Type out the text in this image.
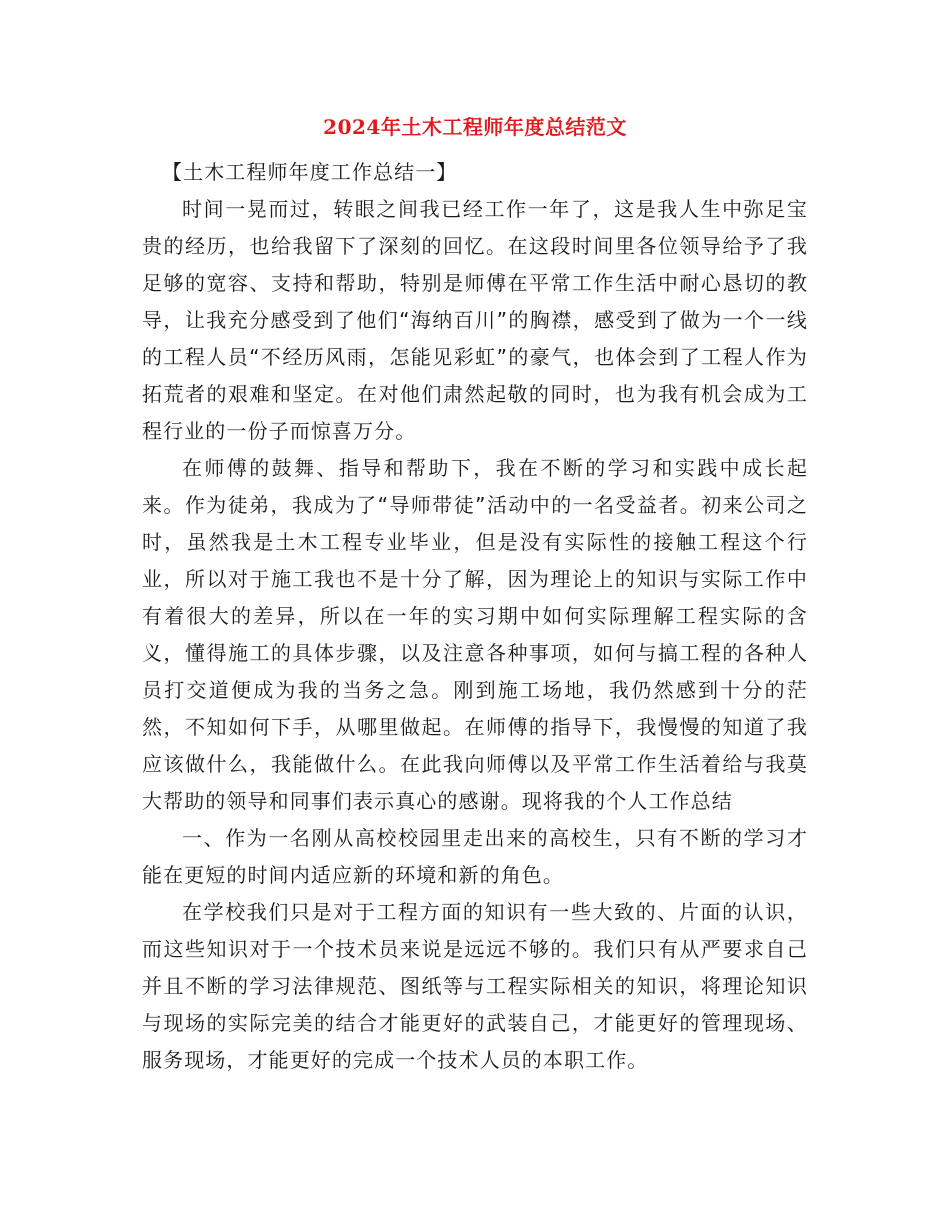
2024年土木工程师年度总结范文

【土木工程师年度工作总结一】

时间一晃而过，转眼之间我已经工作一年了，这是我人生中弥足宝贵的经历，也给我留下了深刻的回忆。在这段时间里各位领导给予了我足够的宽容、支持和帮助，特别是师傅在平常工作生活中耐心恳切的教导，让我充分感受到了他们“海纳百川”的胸襟，感受到了做为一个一线的工程人员“不经历风雨，怎能见彩虹”的豪气，也体会到了工程人作为拓荒者的艰难和坚定。在对他们肃然起敬的同时，也为我有机会成为工程行业的一份子而惊喜万分。

在师傅的鼓舞、指导和帮助下，我在不断的学习和实践中成长起来。作为徒弟，我成为了“导师带徒”活动中的一名受益者。初来公司之时，虽然我是土木工程专业毕业，但是没有实际性的接触工程这个行业，所以对于施工我也不是十分了解，因为理论上的知识与实际工作中有着很大的差异，所以在一年的实习期中如何实际理解工程实际的含义，懂得施工的具体步骤，以及注意各种事项，如何与搞工程的各种人员打交道便成为我的当务之急。刚到施工场地，我仍然感到十分的茫然，不知如何下手，从哪里做起。在师傅的指导下，我慢慢的知道了我应该做什么，我能做什么。在此我向师傅以及平常工作生活着给与我莫大帮助的领导和同事们表示真心的感谢。现将我的个人工作总结

一、作为一名刚从高校校园里走出来的高校生，只有不断的学习才能在更短的时间内适应新的环境和新的角色。

在学校我们只是对于工程方面的知识有一些大致的、片面的认识，而这些知识对于一个技术员来说是远远不够的。我们只有从严要求自己并且不断的学习法律规范、图纸等与工程实际相关的知识，将理论知识与现场的实际完美的结合才能更好的武装自己，才能更好的管理现场、服务现场，才能更好的完成一个技术人员的本职工作。
